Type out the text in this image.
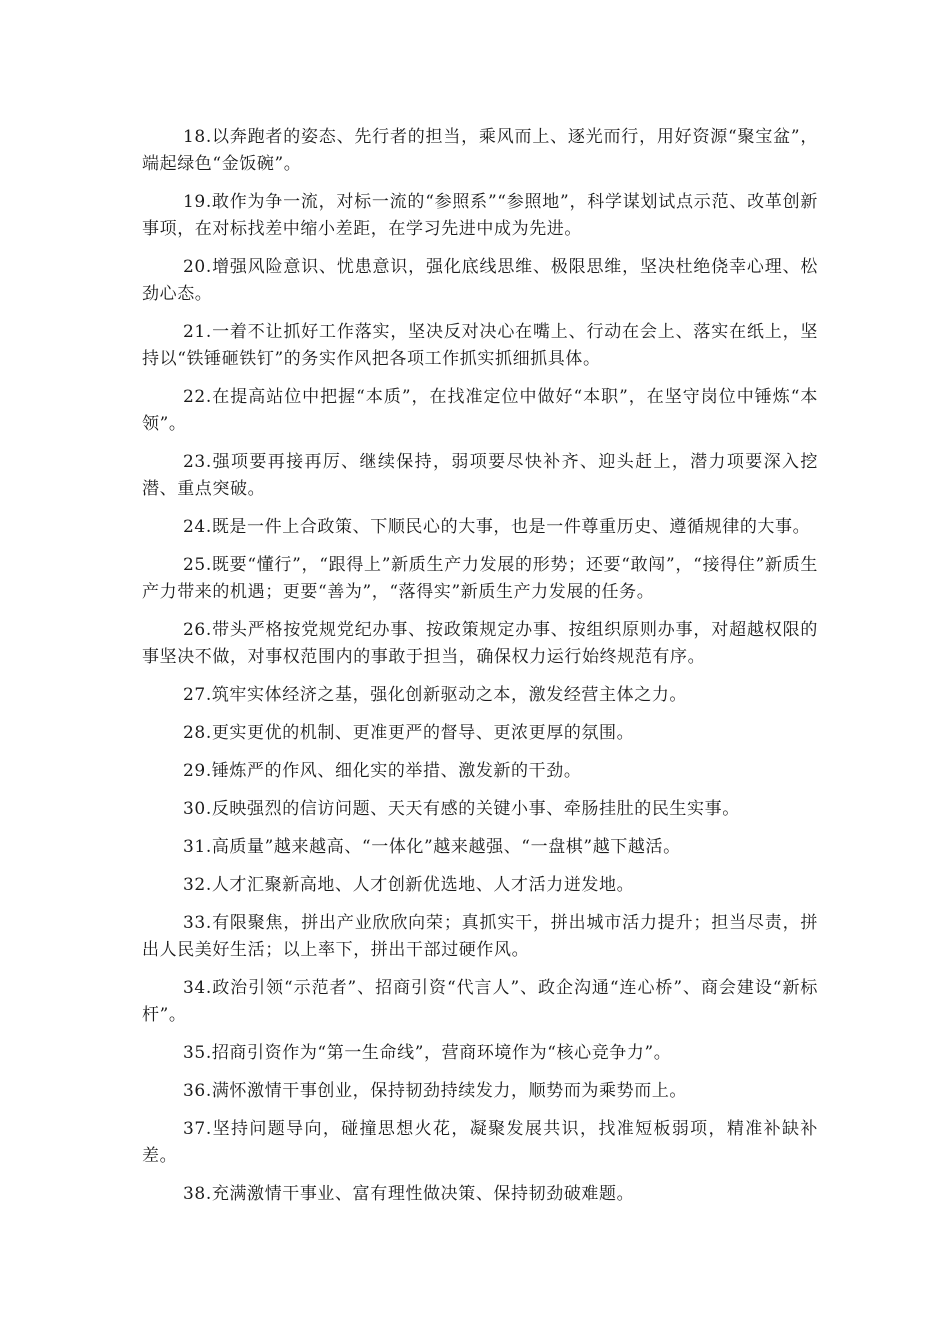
18.以奔跑者的姿态、先行者的担当，乘风而上、逐光而行，用好资源“聚宝盆”，端起绿色“金饭碗”。

19.敢作为争一流，对标一流的“参照系”“参照地”，科学谋划试点示范、改革创新事项，在对标找差中缩小差距，在学习先进中成为先进。

20.增强风险意识、忧患意识，强化底线思维、极限思维，坚决杜绝侥幸心理、松劲心态。

21.一着不让抓好工作落实，坚决反对决心在嘴上、行动在会上、落实在纸上，坚持以“铁锤砸铁钉”的务实作风把各项工作抓实抓细抓具体。

22.在提高站位中把握“本质”，在找准定位中做好“本职”，在坚守岗位中锤炼“本领”。

23.强项要再接再厉、继续保持，弱项要尽快补齐、迎头赶上，潜力项要深入挖潜、重点突破。

24.既是一件上合政策、下顺民心的大事，也是一件尊重历史、遵循规律的大事。

25.既要“懂行”，“跟得上”新质生产力发展的形势；还要“敢闯”，“接得住”新质生产力带来的机遇；更要“善为”，“落得实”新质生产力发展的任务。

26.带头严格按党规党纪办事、按政策规定办事、按组织原则办事，对超越权限的事坚决不做，对事权范围内的事敢于担当，确保权力运行始终规范有序。

27.筑牢实体经济之基，强化创新驱动之本，激发经营主体之力。

28.更实更优的机制、更准更严的督导、更浓更厚的氛围。

29.锤炼严的作风、细化实的举措、激发新的干劲。

30.反映强烈的信访问题、天天有感的关键小事、牵肠挂肚的民生实事。

31.高质量”越来越高、“一体化”越来越强、“一盘棋”越下越活。

32.人才汇聚新高地、人才创新优选地、人才活力迸发地。

33.有限聚焦，拼出产业欣欣向荣；真抓实干，拼出城市活力提升；担当尽责，拼出人民美好生活；以上率下，拼出干部过硬作风。

34.政治引领“示范者”、招商引资“代言人”、政企沟通“连心桥”、商会建设“新标杆”。

35.招商引资作为“第一生命线”，营商环境作为“核心竞争力”。

36.满怀激情干事创业，保持韧劲持续发力，顺势而为乘势而上。

37.坚持问题导向，碰撞思想火花，凝聚发展共识，找准短板弱项，精准补缺补差。

38.充满激情干事业、富有理性做决策、保持韧劲破难题。
